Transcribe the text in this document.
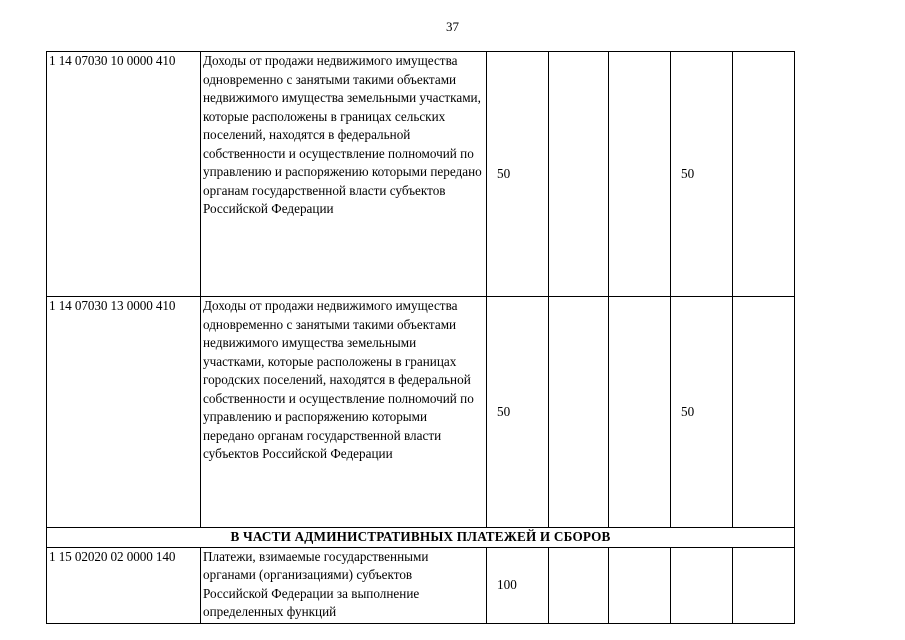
37
1 14 07030 10 0000 410	Доходы от продажи недвижимого имущества одновременно с занятыми такими объектами недвижимого имущества земельными участками, которые расположены в границах сельских поселений, находятся в федеральной собственности и осуществление полномочий по управлению и распоряжению которыми передано органам государственной власти субъектов Российской Федерации	50			50	
1 14 07030 13 0000 410	Доходы от продажи недвижимого имущества одновременно с занятыми такими объектами недвижимого имущества земельными участками, которые расположены в границах городских поселений, находятся в федеральной собственности и осуществление полномочий по управлению и распоряжению которыми передано органам государственной власти субъектов Российской Федерации	50			50	
В ЧАСТИ АДМИНИСТРАТИВНЫХ ПЛАТЕЖЕЙ И СБОРОВ						
1 15 02020 02 0000 140	Платежи, взимаемые государственными органами (организациями) субъектов Российской Федерации за выполнение определенных функций	100				
